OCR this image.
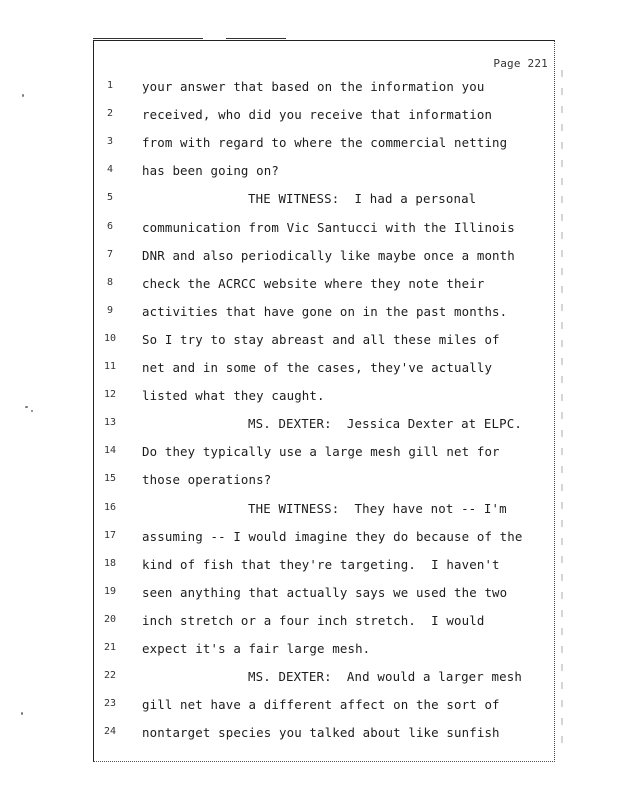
Page 221
1	your answer that based on the information you
2	received, who did you receive that information
3	from with regard to where the commercial netting
4	has been going on?
5	THE WITNESS:  I had a personal
6	communication from Vic Santucci with the Illinois
7	DNR and also periodically like maybe once a month
8	check the ACRCC website where they note their
9	activities that have gone on in the past months.
10	So I try to stay abreast and all these miles of
11	net and in some of the cases, they've actually
12	listed what they caught.
13	MS. DEXTER:  Jessica Dexter at ELPC.
14	Do they typically use a large mesh gill net for
15	those operations?
16	THE WITNESS:  They have not -- I'm
17	assuming -- I would imagine they do because of the
18	kind of fish that they're targeting.  I haven't
19	seen anything that actually says we used the two
20	inch stretch or a four inch stretch.  I would
21	expect it's a fair large mesh.
22	MS. DEXTER:  And would a larger mesh
23	gill net have a different affect on the sort of
24	nontarget species you talked about like sunfish
